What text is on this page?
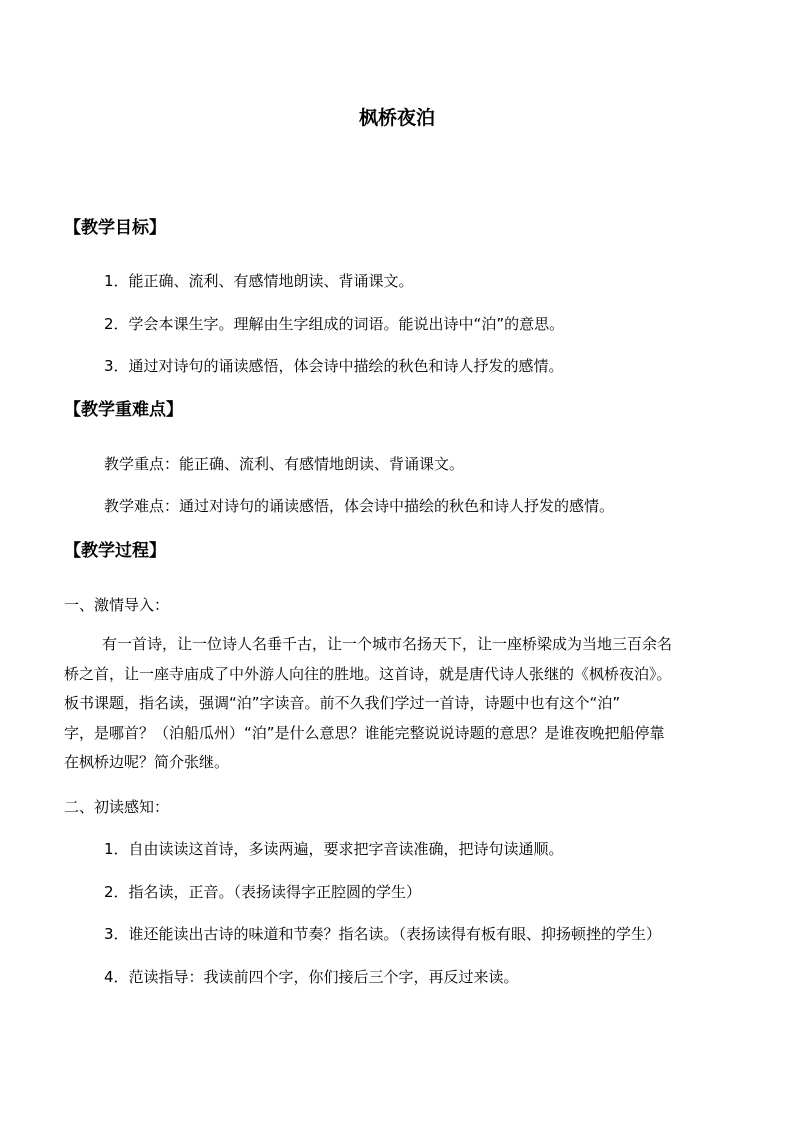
枫桥夜泊
【教学目标】
1．能正确、流利、有感情地朗读、背诵课文。
2．学会本课生字。理解由生字组成的词语。能说出诗中“泊”的意思。
3．通过对诗句的诵读感悟，体会诗中描绘的秋色和诗人抒发的感情。
【教学重难点】
教学重点：能正确、流利、有感情地朗读、背诵课文。
教学难点：通过对诗句的诵读感悟，体会诗中描绘的秋色和诗人抒发的感情。
【教学过程】
一、激情导入：
有一首诗，让一位诗人名垂千古，让一个城市名扬天下，让一座桥梁成为当地三百余名
桥之首，让一座寺庙成了中外游人向往的胜地。这首诗，就是唐代诗人张继的《枫桥夜泊》。
板书课题，指名读，强调“泊”字读音。前不久我们学过一首诗，诗题中也有这个“泊”
字，是哪首？（泊船瓜州）“泊”是什么意思？谁能完整说说诗题的意思？是谁夜晚把船停靠
在枫桥边呢？简介张继。
二、初读感知：
1．自由读读这首诗，多读两遍，要求把字音读准确，把诗句读通顺。
2．指名读，正音。（表扬读得字正腔圆的学生）
3．谁还能读出古诗的味道和节奏？指名读。（表扬读得有板有眼、抑扬顿挫的学生）
4．范读指导：我读前四个字，你们接后三个字，再反过来读。
